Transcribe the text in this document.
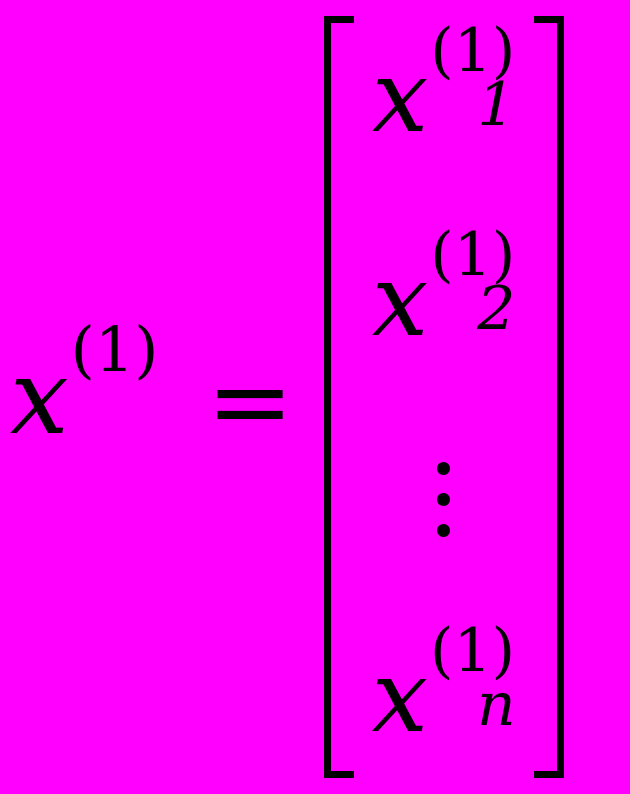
x (1) =
x (1)
1
x (1)
2
x (1)
n
